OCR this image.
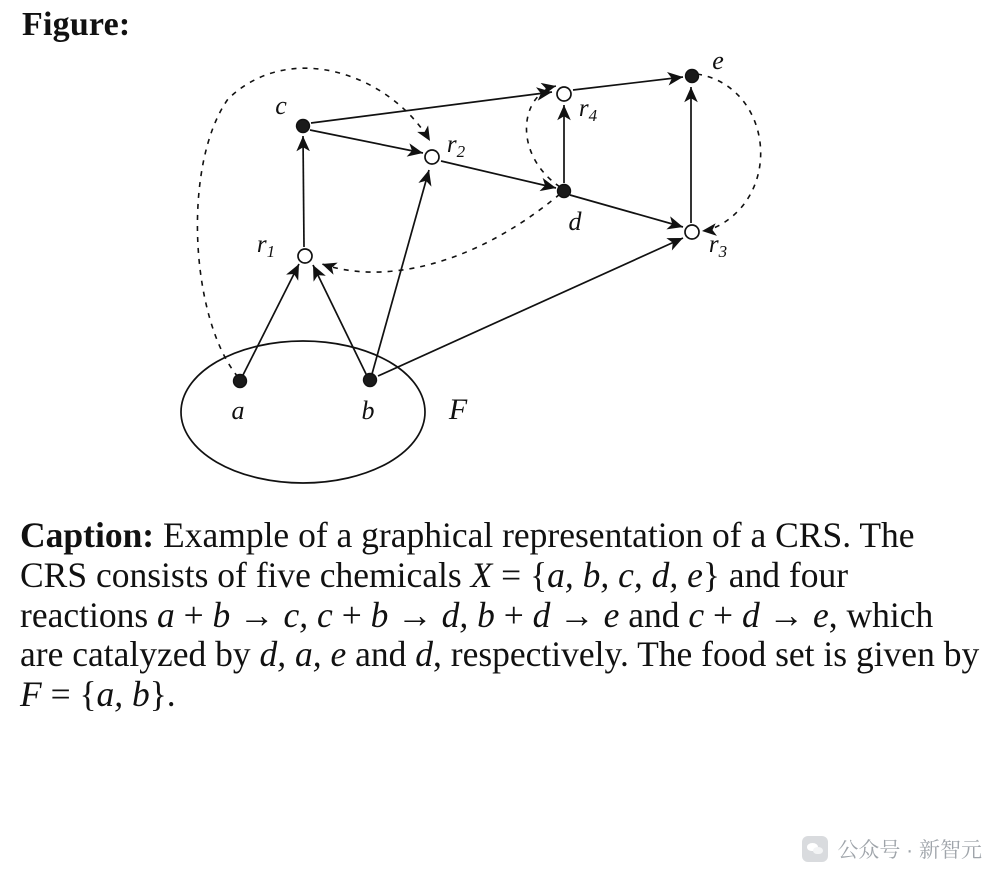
Figure:
a	b
c
d
e
$r_1$
$r_2$
$r_3$
$r_4$
F
Caption: Example of a graphical representation of a CRS. The CRS consists of five chemicals X = {a, b, c, d, e} and four reactions a + b → c, c + b → d, b + d → e and c + d → e, which are catalyzed by d, a, e and d, respectively. The food set is given by F = {a, b}.
公众号 · 新智元
